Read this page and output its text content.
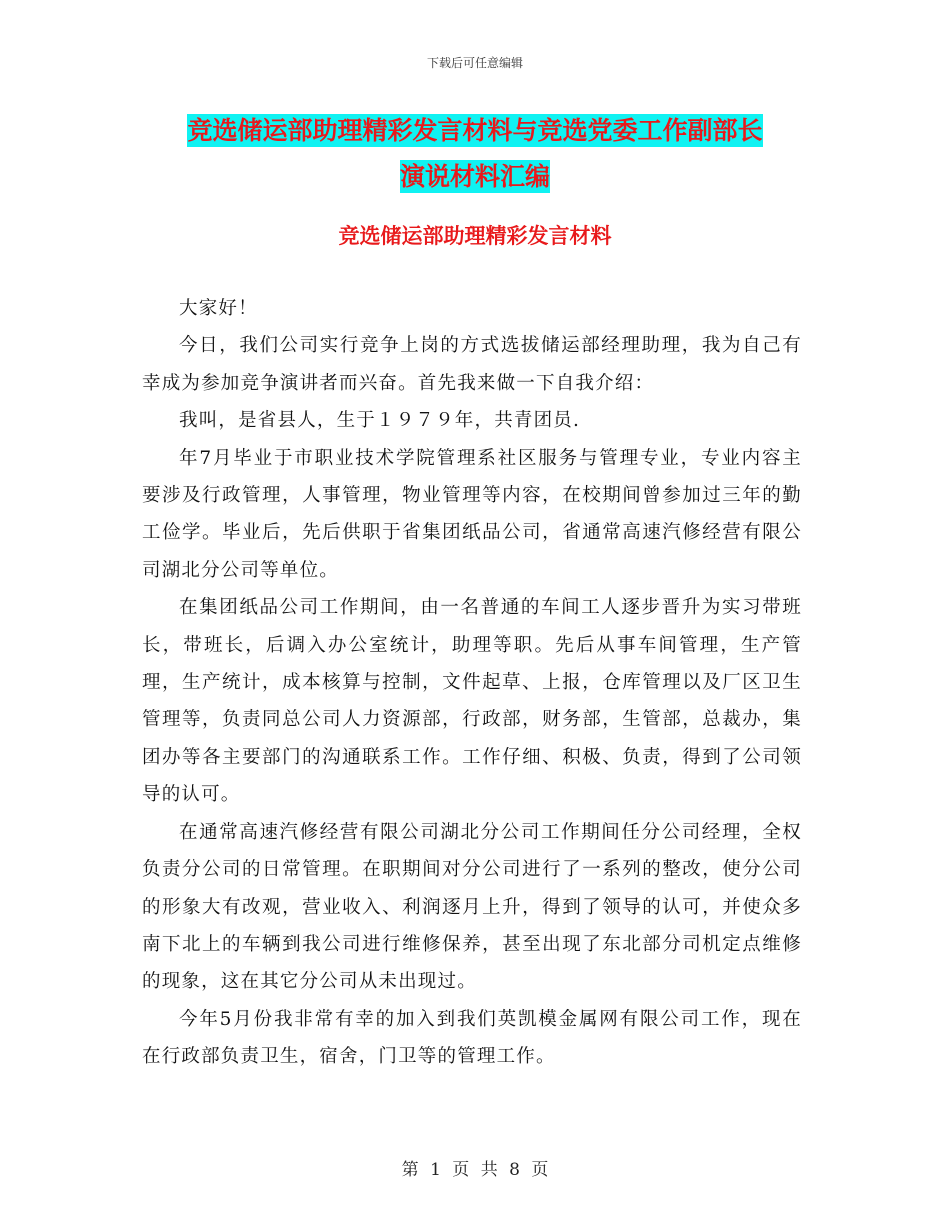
下载后可任意编辑
竞选储运部助理精彩发言材料与竞选党委工作副部长
演说材料汇编
竞选储运部助理精彩发言材料

大家好！

今日，我们公司实行竞争上岗的方式选拔储运部经理助理，我为自己有幸成为参加竞争演讲者而兴奋。首先我来做一下自我介绍：

我叫，是省县人，生于１９７９年，共青团员.

年7月毕业于市职业技术学院管理系社区服务与管理专业，专业内容主要涉及行政管理，人事管理，物业管理等内容，在校期间曾参加过三年的勤工俭学。毕业后，先后供职于省集团纸品公司，省通常高速汽修经营有限公司湖北分公司等单位。

在集团纸品公司工作期间，由一名普通的车间工人逐步晋升为实习带班长，带班长，后调入办公室统计，助理等职。先后从事车间管理，生产管理，生产统计，成本核算与控制，文件起草、上报，仓库管理以及厂区卫生管理等，负责同总公司人力资源部，行政部，财务部，生管部，总裁办，集团办等各主要部门的沟通联系工作。工作仔细、积极、负责，得到了公司领导的认可。

在通常高速汽修经营有限公司湖北分公司工作期间任分公司经理，全权负责分公司的日常管理。在职期间对分公司进行了一系列的整改，使分公司的形象大有改观，营业收入、利润逐月上升，得到了领导的认可，并使众多南下北上的车辆到我公司进行维修保养，甚至出现了东北部分司机定点维修的现象，这在其它分公司从未出现过。

今年5月份我非常有幸的加入到我们英凯模金属网有限公司工作，现在在行政部负责卫生，宿舍，门卫等的管理工作。

第 1 页 共 8 页
